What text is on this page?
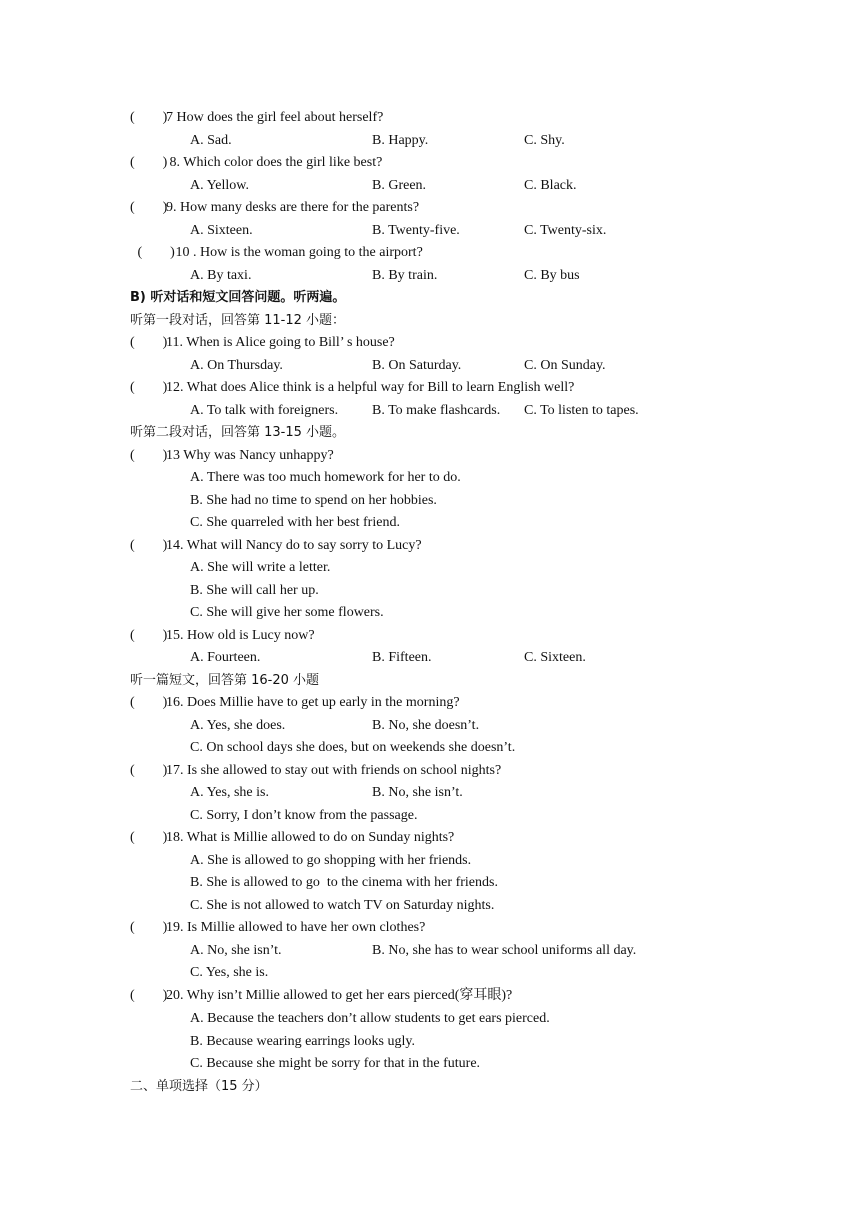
(        )
7 How does the girl feel about herself?
A. Sad.	B. Happy.	C. Shy.
(        )
8. Which color does the girl like best?
A. Yellow.	B. Green.	C. Black.
(        )
9. How many desks are there for the parents?
A. Sixteen.	B. Twenty-five.	C. Twenty-six.
(        )
10 . How is the woman going to the airport?
A. By taxi.	B. By train.	C. By bus
B) 听对话和短文回答问题。听两遍。
听第一段对话，回答第 11-12 小题：
(        )
11. When is Alice going to Bill’ s house?
A. On Thursday.	B. On Saturday.	C. On Sunday.
(        )
12. What does Alice think is a helpful way for Bill to learn English well?
A. To talk with foreigners. B. To make flashcards. C. To listen to tapes.
听第二段对话，回答第 13-15 小题。
(        )
13 Why was Nancy unhappy?
A. There was too much homework for her to do.
B. She had no time to spend on her hobbies.
C. She quarreled with her best friend.
(        )
14. What will Nancy do to say sorry to Lucy?
A. She will write a letter.
B. She will call her up.
C. She will give her some flowers.
(        )
15. How old is Lucy now?
A. Fourteen.	B. Fifteen.	C. Sixteen.
听一篇短文，回答第 16-20 小题
(        )
16. Does Millie have to get up early in the morning?
A. Yes, she does.	B. No, she doesn’t.
C. On school days she does, but on weekends she doesn’t.
(        )
17. Is she allowed to stay out with friends on school nights?
A. Yes, she is.	B. No, she isn’t.
C. Sorry, I don’t know from the passage.
(        )
18. What is Millie allowed to do on Sunday nights?
A. She is allowed to go shopping with her friends.
B. She is allowed to go  to the cinema with her friends.
C. She is not allowed to watch TV on Saturday nights.
(        )
19. Is Millie allowed to have her own clothes?
A. No, she isn’t.	B. No, she has to wear school uniforms all day.
C. Yes, she is.
(        )
20. Why isn’t Millie allowed to get her ears pierced(穿耳眼)?
A. Because the teachers don’t allow students to get ears pierced.
B. Because wearing earrings looks ugly.
C. Because she might be sorry for that in the future.
二、单项选择（15 分）
